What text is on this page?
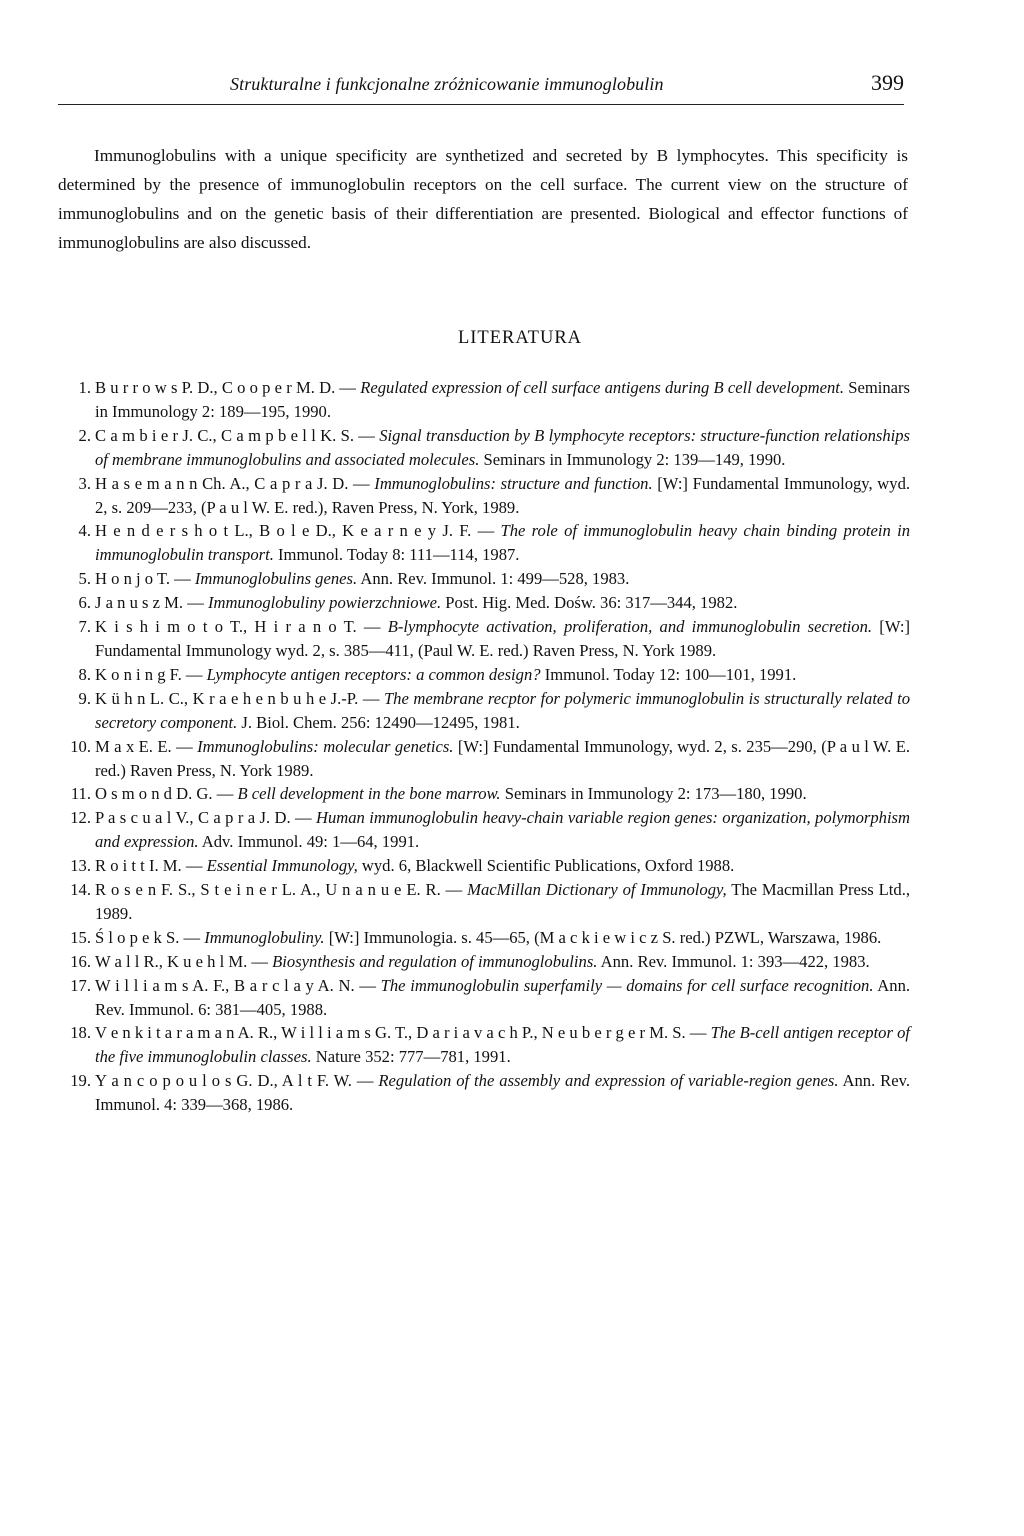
Strukturalne i funkcjonalne zróżnicowanie immunoglobulin	399

Immunoglobulins with a unique specificity are synthetized and secreted by B lymphocytes. This specificity is determined by the presence of immunoglobulin receptors on the cell surface. The current view on the structure of immunoglobulins and on the genetic basis of their differentiation are presented. Biological and effector functions of immunoglobulins are also discussed.

LITERATURA
1. B u r r o w s P. D., C o o p e r M. D. — Regulated expression of cell surface antigens during B cell development. Seminars in Immunology 2: 189—195, 1990.
2. C a m b i e r J. C., C a m p b e l l K. S. — Signal transduction by B lymphocyte receptors: structure-function relationships of membrane immunoglobulins and associated molecules. Seminars in Immunology 2: 139—149, 1990.
3. H a s e m a n n Ch. A., C a p r a J. D. — Immunoglobulins: structure and function. [W:] Fundamental Immunology, wyd. 2, s. 209—233, (P a u l W. E. red.), Raven Press, N. York, 1989.
4. H e n d e r s h o t L., B o l e D., K e a r n e y J. F. — The role of immunoglobulin heavy chain binding protein in immunoglobulin transport. Immunol. Today 8: 111—114, 1987.
5. H o n j o T. — Immunoglobulins genes. Ann. Rev. Immunol. 1: 499—528, 1983.
6. J a n u s z M. — Immunoglobuliny powierzchniowe. Post. Hig. Med. Dośw. 36: 317—344, 1982.
7. K i s h i m o t o T., H i r a n o T. — B-lymphocyte activation, proliferation, and immunoglobulin secretion. [W:] Fundamental Immunology wyd. 2, s. 385—411, (Paul W. E. red.) Raven Press, N. York 1989.
8. K o n i n g F. — Lymphocyte antigen receptors: a common design? Immunol. Today 12: 100—101, 1991.
9. K ü h n L. C., K r a e h e n b u h e J.-P. — The membrane recptor for polymeric immunoglobulin is structurally related to secretory component. J. Biol. Chem. 256: 12490—12495, 1981.
10. M a x E. E. — Immunoglobulins: molecular genetics. [W:] Fundamental Immunology, wyd. 2, s. 235—290, (P a u l W. E. red.) Raven Press, N. York 1989.
11. O s m o n d D. G. — B cell development in the bone marrow. Seminars in Immunology 2: 173—180, 1990.
12. P a s c u a l V., C a p r a J. D. — Human immunoglobulin heavy-chain variable region genes: organization, polymorphism and expression. Adv. Immunol. 49: 1—64, 1991.
13. R o i t t I. M. — Essential Immunology, wyd. 6, Blackwell Scientific Publications, Oxford 1988.
14. R o s e n F. S., S t e i n e r L. A., U n a n u e E. R. — MacMillan Dictionary of Immunology, The Macmillan Press Ltd., 1989.
15. Ś l o p e k S. — Immunoglobuliny. [W:] Immunologia. s. 45—65, (M a c k i e w i c z S. red.) PZWL, Warszawa, 1986.
16. W a l l R., K u e h l M. — Biosynthesis and regulation of immunoglobulins. Ann. Rev. Immunol. 1: 393—422, 1983.
17. W i l l i a m s A. F., B a r c l a y A. N. — The immunoglobulin superfamily — domains for cell surface recognition. Ann. Rev. Immunol. 6: 381—405, 1988.
18. V e n k i t a r a m a n A. R., W i l l i a m s G. T., D a r i a v a c h P., N e u b e r g e r M. S. — The B-cell antigen receptor of the five immunoglobulin classes. Nature 352: 777—781, 1991.
19. Y a n c o p o u l o s G. D., A l t F. W. — Regulation of the assembly and expression of variable-region genes. Ann. Rev. Immunol. 4: 339—368, 1986.
